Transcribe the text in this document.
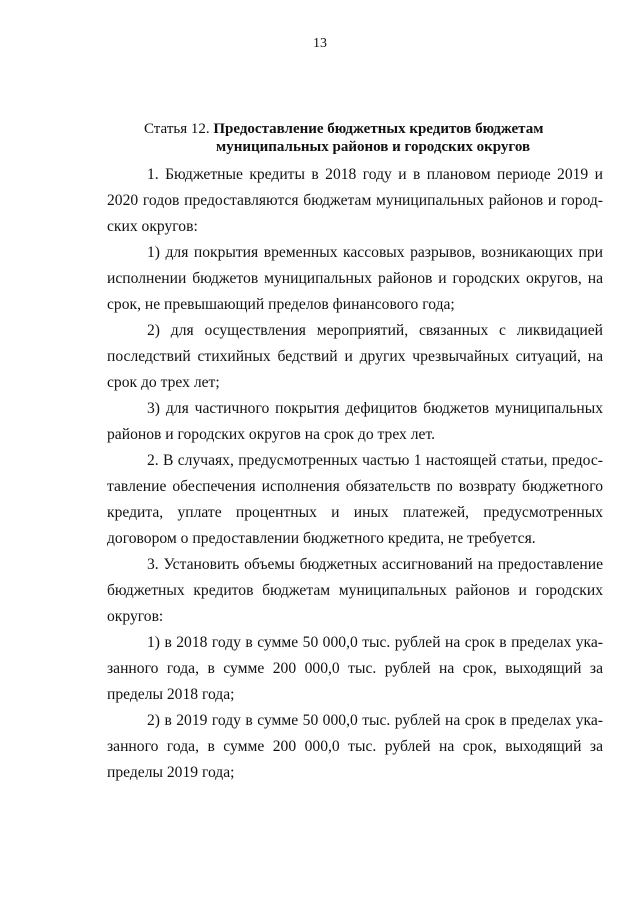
13
Статья 12. Предоставление бюджетных кредитов бюджетам
муниципальных районов и городских округов

1. Бюджетные кредиты в 2018 году и в плановом периоде 2019 и 2020 годов предоставляются бюджетам муниципальных районов и городских округов:

1) для покрытия временных кассовых разрывов, возникающих при исполнении бюджетов муниципальных районов и городских округов, на срок, не превышающий пределов финансового года;

2) для осуществления мероприятий, связанных с ликвидацией последствий стихийных бедствий и других чрезвычайных ситуаций, на срок до трех лет;

3) для частичного покрытия дефицитов бюджетов муниципальных районов и городских округов на срок до трех лет.

2. В случаях, предусмотренных частью 1 настоящей статьи, предоставление обеспечения исполнения обязательств по возврату бюджетного кредита, уплате процентных и иных платежей, предусмотренных договором о предоставлении бюджетного кредита, не требуется.

3. Установить объемы бюджетных ассигнований на предоставление бюджетных кредитов бюджетам муниципальных районов и городских округов:

1) в 2018 году в сумме 50 000,0 тыс. рублей на срок в пределах указанного года, в сумме 200 000,0 тыс. рублей на срок, выходящий за пределы 2018 года;

2) в 2019 году в сумме 50 000,0 тыс. рублей на срок в пределах указанного года, в сумме 200 000,0 тыс. рублей на срок, выходящий за пределы 2019 года;
